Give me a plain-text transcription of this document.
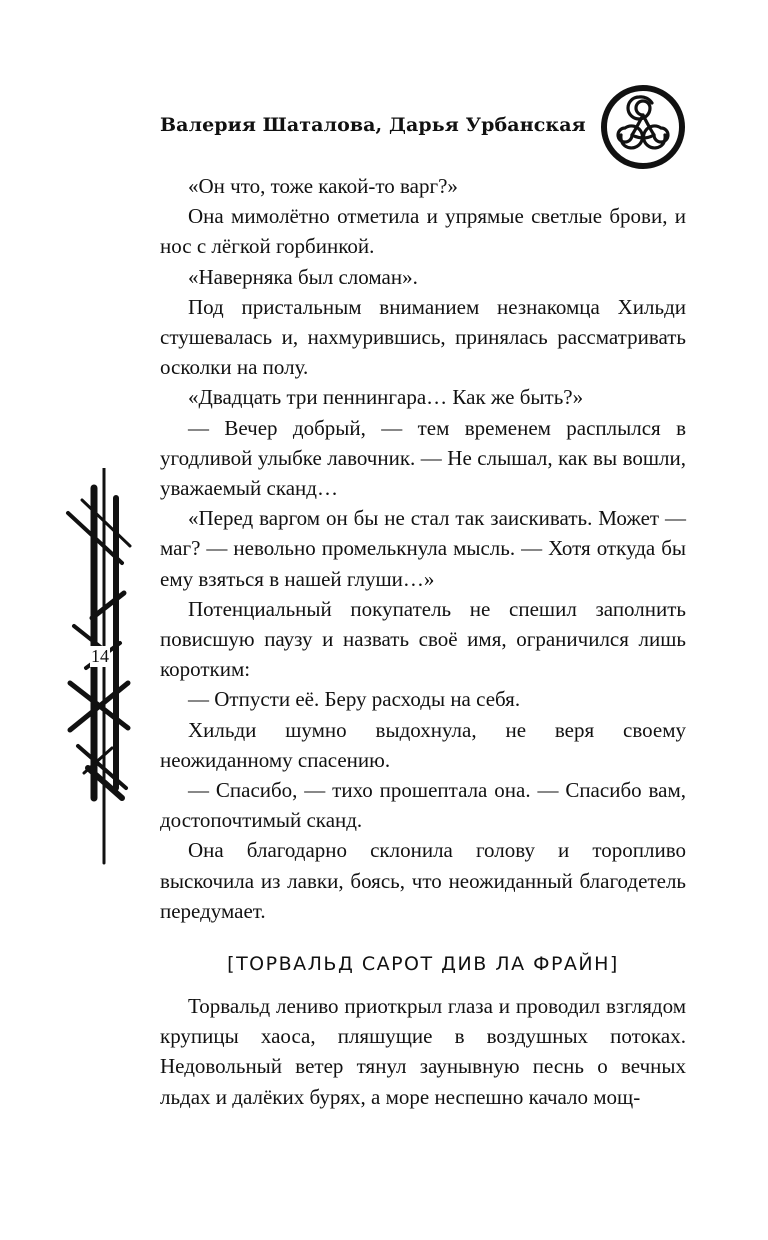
Валерия Шаталова, Дарья Урбанская

«Он что, тоже какой-то варг?»

Она мимолётно отметила и упрямые светлые брови, и нос с лёгкой горбинкой.

«Наверняка был сломан».

Под пристальным вниманием незнакомца Хильди стушевалась и, нахмурившись, принялась рассматривать осколки на полу.

«Двадцать три пеннингара… Как же быть?»

— Вечер добрый, — тем временем расплылся в угодливой улыбке лавочник. — Не слышал, как вы вошли, уважаемый сканд…

«Перед варгом он бы не стал так заискивать. Может — маг? — невольно промелькнула мысль. — Хотя откуда бы ему взяться в нашей глуши…»

Потенциальный покупатель не спешил заполнить повисшую паузу и назвать своё имя, ограничился лишь коротким:

— Отпусти её. Беру расходы на себя.

Хильди шумно выдохнула, не веря своему неожиданному спасению.

— Спасибо, — тихо прошептала она. — Спасибо вам, достопочтимый сканд.

Она благодарно склонила голову и торопливо выскочила из лавки, боясь, что неожиданный благодетель передумает.

[ТОРВАЛЬД САРОТ ДИВ ЛА ФРАЙН]

Торвальд лениво приоткрыл глаза и проводил взглядом крупицы хаоса, пляшущие в воздушных потоках. Недовольный ветер тянул заунывную песнь о вечных льдах и далёких бурях, а море неспешно качало мощ-

14
